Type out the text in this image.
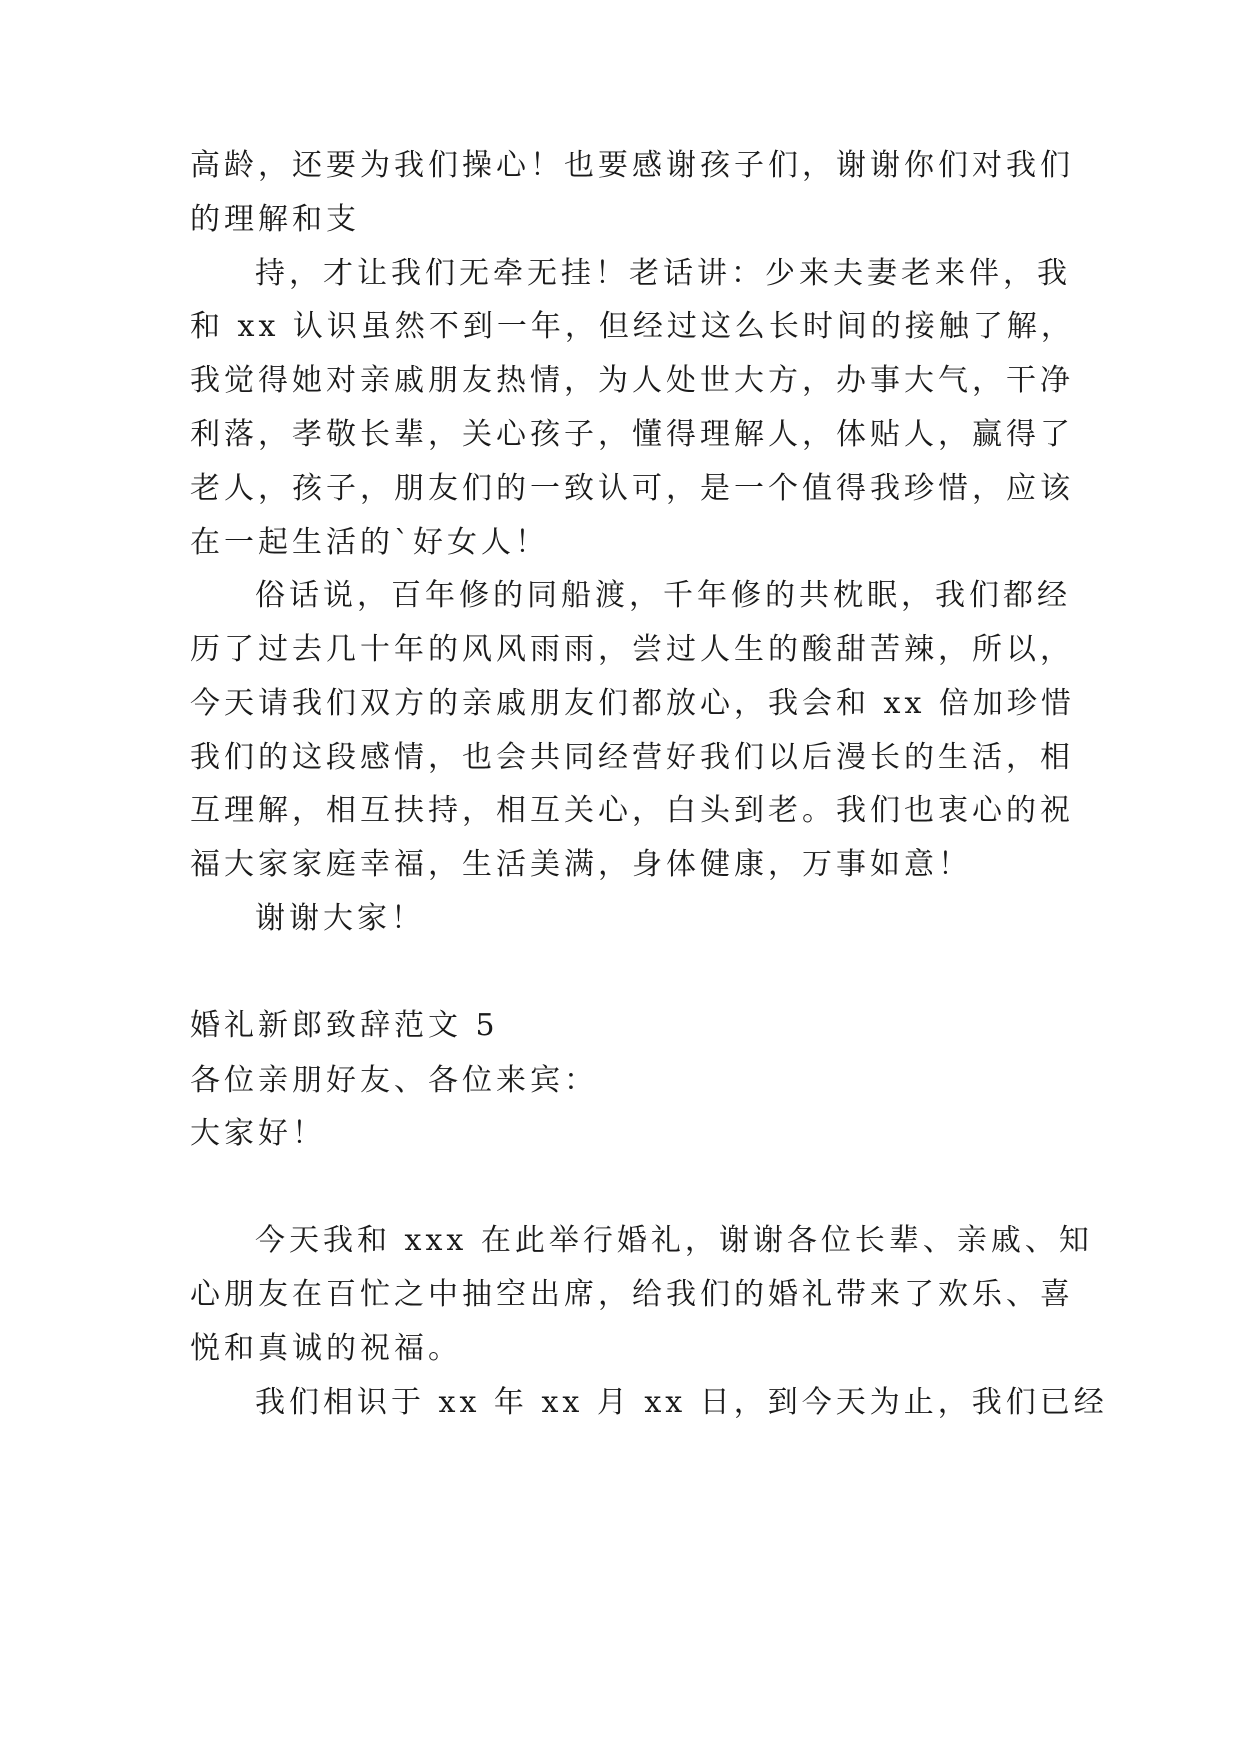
高龄，还要为我们操心！也要感谢孩子们，谢谢你们对我们
的理解和支
持，才让我们无牵无挂！老话讲：少来夫妻老来伴，我
和 xx 认识虽然不到一年，但经过这么长时间的接触了解，
我觉得她对亲戚朋友热情，为人处世大方，办事大气，干净
利落，孝敬长辈，关心孩子，懂得理解人，体贴人，赢得了
老人，孩子，朋友们的一致认可，是一个值得我珍惜，应该
在一起生活的`好女人！
俗话说，百年修的同船渡，千年修的共枕眠，我们都经
历了过去几十年的风风雨雨，尝过人生的酸甜苦辣，所以，
今天请我们双方的亲戚朋友们都放心，我会和 xx 倍加珍惜
我们的这段感情，也会共同经营好我们以后漫长的生活，相
互理解，相互扶持，相互关心，白头到老。我们也衷心的祝
福大家家庭幸福，生活美满，身体健康，万事如意！
谢谢大家！
婚礼新郎致辞范文 5
各位亲朋好友、各位来宾：
大家好！
今天我和 xxx 在此举行婚礼，谢谢各位长辈、亲戚、知
心朋友在百忙之中抽空出席，给我们的婚礼带来了欢乐、喜
悦和真诚的祝福。
我们相识于 xx 年 xx 月 xx 日，到今天为止，我们已经
